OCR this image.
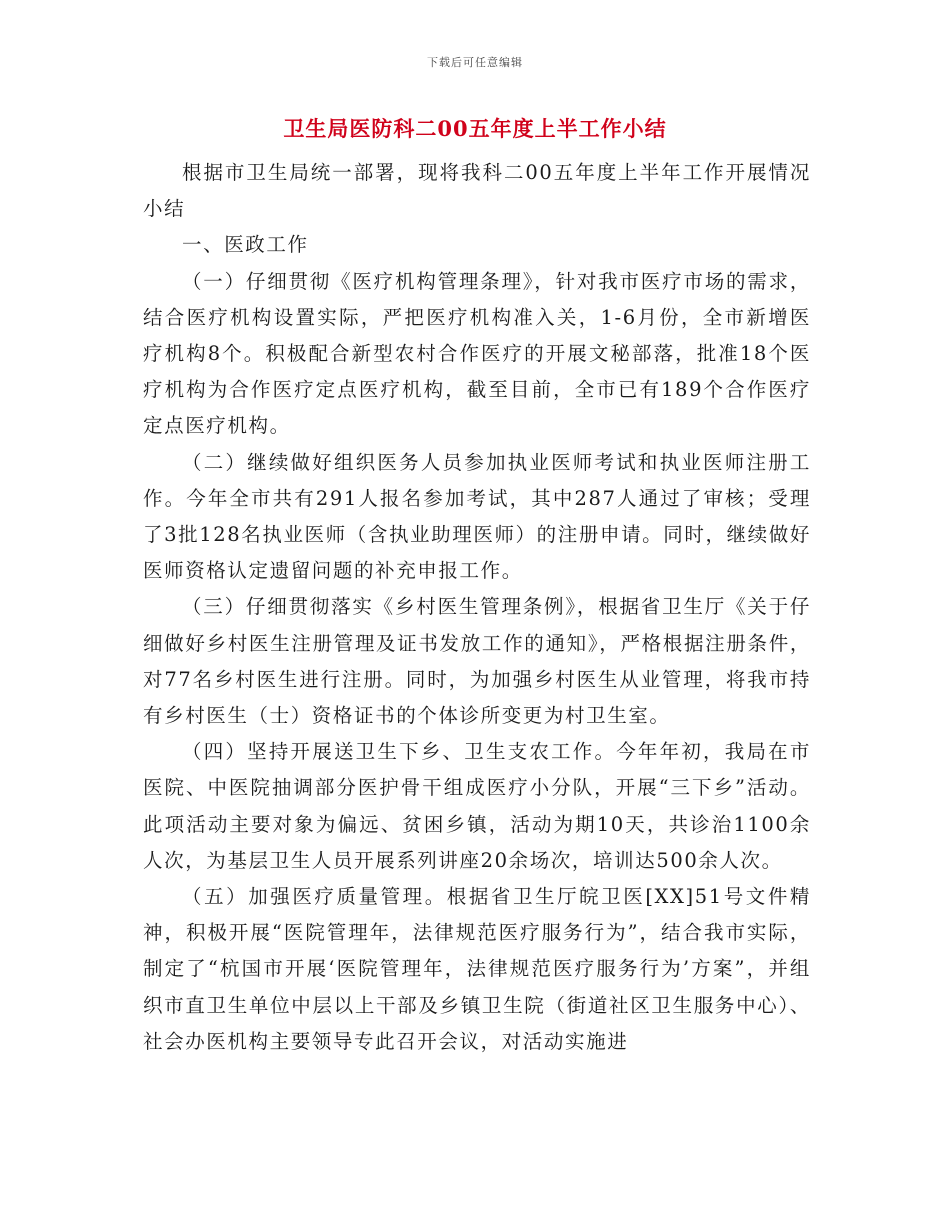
下载后可任意编辑
卫生局医防科二00五年度上半工作小结

根据市卫生局统一部署，现将我科二00五年度上半年工作开展情况小结

一、医政工作

（一）仔细贯彻《医疗机构管理条理》，针对我市医疗市场的需求，结合医疗机构设置实际，严把医疗机构准入关，1-6月份，全市新增医疗机构8个。积极配合新型农村合作医疗的开展文秘部落，批准18个医疗机构为合作医疗定点医疗机构，截至目前，全市已有189个合作医疗定点医疗机构。

（二）继续做好组织医务人员参加执业医师考试和执业医师注册工作。今年全市共有291人报名参加考试，其中287人通过了审核；受理了3批128名执业医师（含执业助理医师）的注册申请。同时，继续做好医师资格认定遗留问题的补充申报工作。

（三）仔细贯彻落实《乡村医生管理条例》，根据省卫生厅《关于仔细做好乡村医生注册管理及证书发放工作的通知》，严格根据注册条件，对77名乡村医生进行注册。同时，为加强乡村医生从业管理，将我市持有乡村医生（士）资格证书的个体诊所变更为村卫生室。

（四）坚持开展送卫生下乡、卫生支农工作。今年年初，我局在市医院、中医院抽调部分医护骨干组成医疗小分队，开展“三下乡”活动。此项活动主要对象为偏远、贫困乡镇，活动为期10天，共诊治1100余人次，为基层卫生人员开展系列讲座20余场次，培训达500余人次。

（五）加强医疗质量管理。根据省卫生厅皖卫医[XX]51号文件精神，积极开展“医院管理年，法律规范医疗服务行为”，结合我市实际，制定了“杭国市开展‘医院管理年，法律规范医疗服务行为’方案”，并组织市直卫生单位中层以上干部及乡镇卫生院（街道社区卫生服务中心）、社会办医机构主要领导专此召开会议，对活动实施进
